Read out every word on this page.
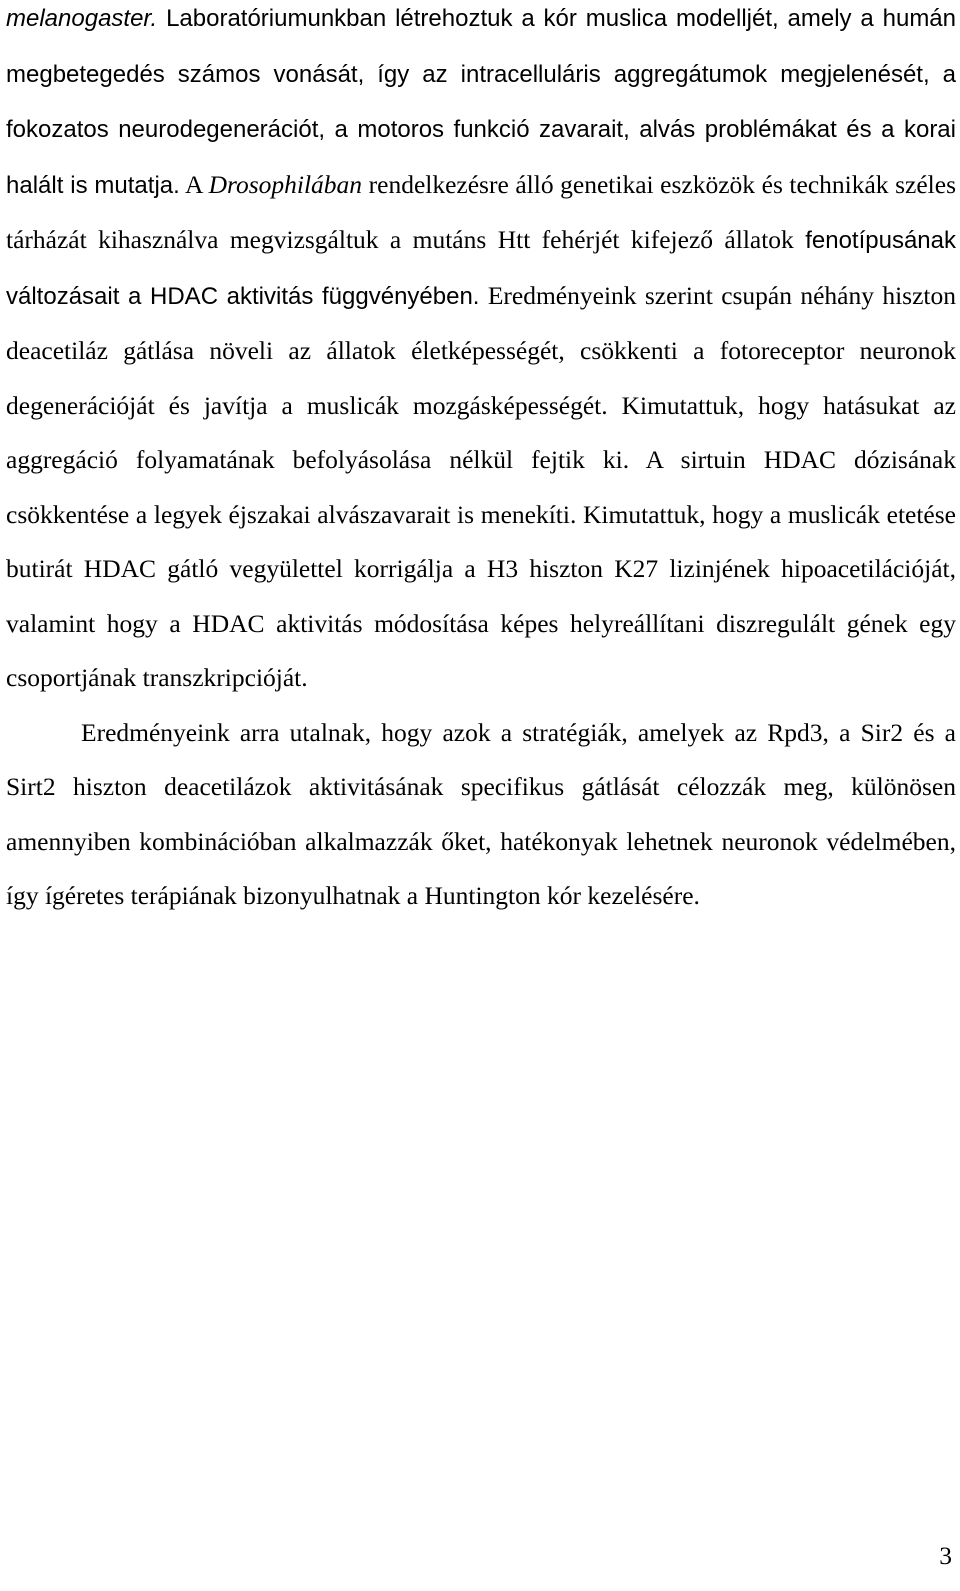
melanogaster. Laboratóriumunkban létrehoztuk a kór muslica modelljét, amely a humán megbetegedés számos vonását, így az intracelluláris aggregátumok megjelenését, a fokozatos neurodegenerációt, a motoros funkció zavarait, alvás problémákat és a korai halált is mutatja. A Drosophilában rendelkezésre álló genetikai eszközök és technikák széles tárházát kihasználva megvizsgáltuk a mutáns Htt fehérjét kifejező állatok fenotípusának változásait a HDAC aktivitás függvényében. Eredményeink szerint csupán néhány hiszton deacetiláz gátlása növeli az állatok életképességét, csökkenti a fotoreceptor neuronok degenerációját és javítja a muslicák mozgásképességét. Kimutattuk, hogy hatásukat az aggregáció folyamatának befolyásolása nélkül fejtik ki. A sirtuin HDAC dózisának csökkentése a legyek éjszakai alvászavarait is menekíti. Kimutattuk, hogy a muslicák etetése butirát HDAC gátló vegyülettel korrigálja a H3 hiszton K27 lizinjének hipoacetilációját, valamint hogy a HDAC aktivitás módosítása képes helyreállítani diszregulált gének egy csoportjának transzkripcióját.

Eredményeink arra utalnak, hogy azok a stratégiák, amelyek az Rpd3, a Sir2 és a Sirt2 hiszton deacetilázok aktivitásának specifikus gátlását célozzák meg, különösen amennyiben kombinációban alkalmazzák őket, hatékonyak lehetnek neuronok védelmében, így ígéretes terápiának bizonyulhatnak a Huntington kór kezelésére.

3
